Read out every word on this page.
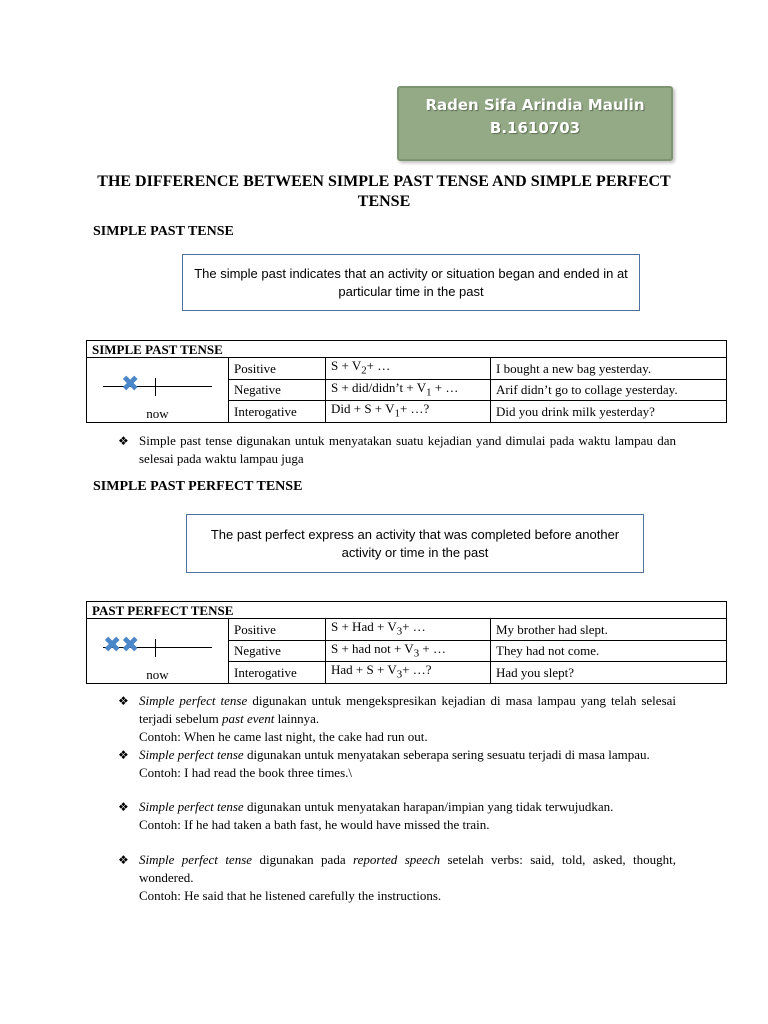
Raden Sifa Arindia Maulin
B.1610703
THE DIFFERENCE BETWEEN SIMPLE PAST TENSE AND SIMPLE PERFECT TENSE
SIMPLE PAST TENSE
The simple past indicates that an activity or situation began and ended in at particular time in the past
SIMPLE PAST TENSE			

✖
now	Positive	$S + V_2+$ …	I bought a new bag yesterday.
	Negative	S + did/didn’t + $V_1$ + …	Arif didn’t go to collage yesterday.
	Interogative	Did + $S + V_1+$ …?	Did you drink milk yesterday?
❖ Simple past tense digunakan untuk menyatakan suatu kejadian yand dimulai pada waktu lampau dan selesai pada waktu lampau juga
SIMPLE PAST PERFECT TENSE
The past perfect express an activity that was completed before another activity or time in the past
PAST PERFECT TENSE			

✖ ✖
now	Positive	S + Had + $V_3+$ …	My brother had slept.
	Negative	S + had not + $V_3$ + …	They had not come.
	Interogative	Had + $S + V_3+$ …?	Had you slept?
❖ Simple perfect tense digunakan untuk mengekspresikan kejadian di masa lampau yang telah selesai terjadi sebelum past event lainnya.
Contoh: When he came last night, the cake had run out.
❖ Simple perfect tense digunakan untuk menyatakan seberapa sering sesuatu terjadi di masa lampau.
Contoh: I had read the book three times.\
❖ Simple perfect tense digunakan untuk menyatakan harapan/impian yang tidak terwujudkan.
Contoh: If he had taken a bath fast, he would have missed the train.
❖ Simple perfect tense digunakan pada reported speech setelah verbs: said, told, asked, thought, wondered.
Contoh: He said that he listened carefully the instructions.
